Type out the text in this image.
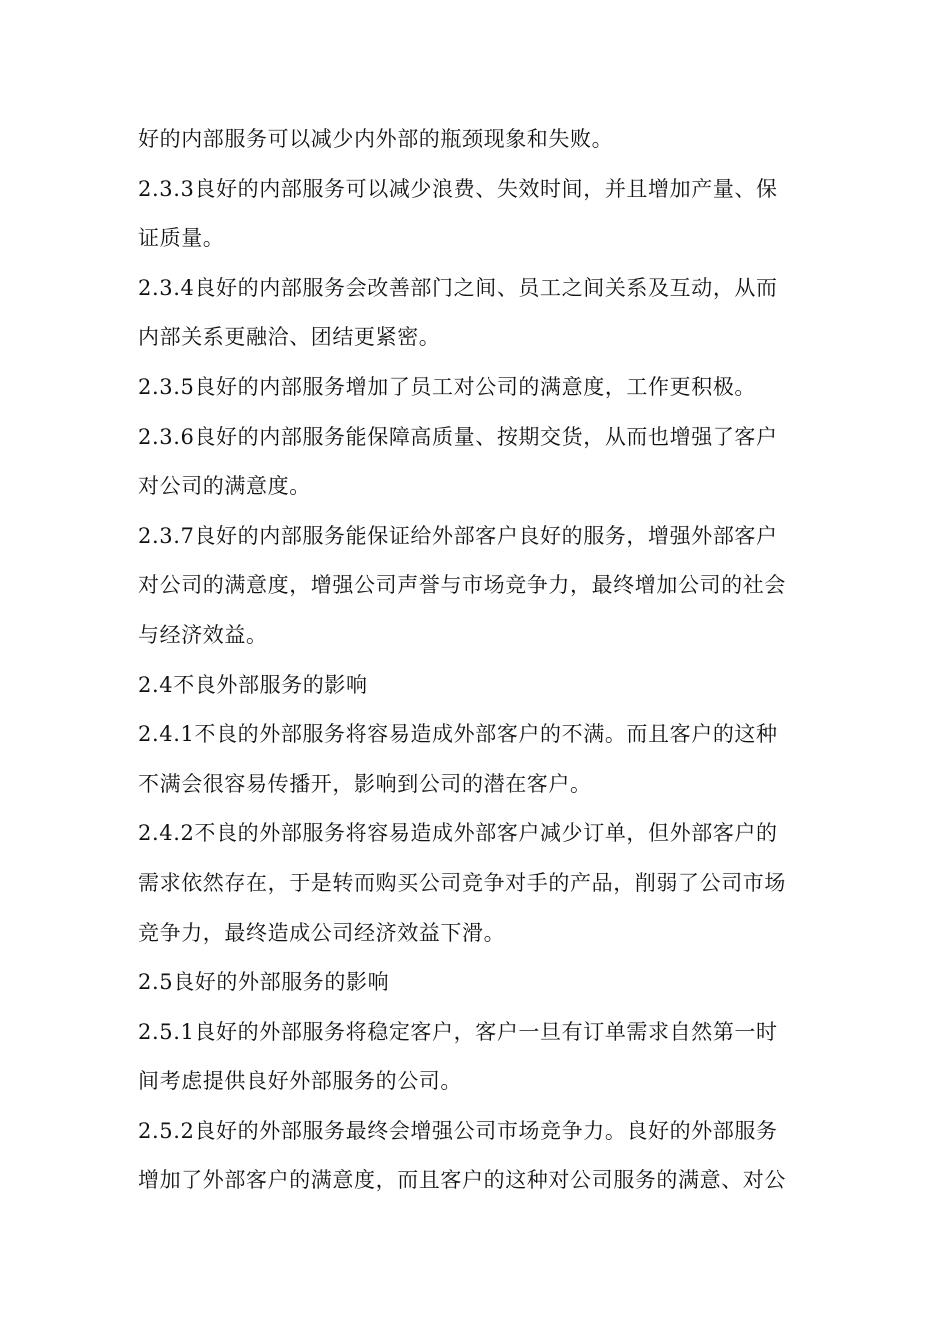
好的内部服务可以减少内外部的瓶颈现象和失败。
2.3.3良好的内部服务可以减少浪费、失效时间，并且增加产量、保
证质量。
2.3.4良好的内部服务会改善部门之间、员工之间关系及互动，从而
内部关系更融洽、团结更紧密。
2.3.5良好的内部服务增加了员工对公司的满意度，工作更积极。
2.3.6良好的内部服务能保障高质量、按期交货，从而也增强了客户
对公司的满意度。
2.3.7良好的内部服务能保证给外部客户良好的服务，增强外部客户
对公司的满意度，增强公司声誉与市场竞争力，最终增加公司的社会
与经济效益。
2.4不良外部服务的影响
2.4.1不良的外部服务将容易造成外部客户的不满。而且客户的这种
不满会很容易传播开，影响到公司的潜在客户。
2.4.2不良的外部服务将容易造成外部客户减少订单，但外部客户的
需求依然存在，于是转而购买公司竞争对手的产品，削弱了公司市场
竞争力，最终造成公司经济效益下滑。
2.5良好的外部服务的影响
2.5.1良好的外部服务将稳定客户，客户一旦有订单需求自然第一时
间考虑提供良好外部服务的公司。
2.5.2良好的外部服务最终会增强公司市场竞争力。良好的外部服务
增加了外部客户的满意度，而且客户的这种对公司服务的满意、对公
